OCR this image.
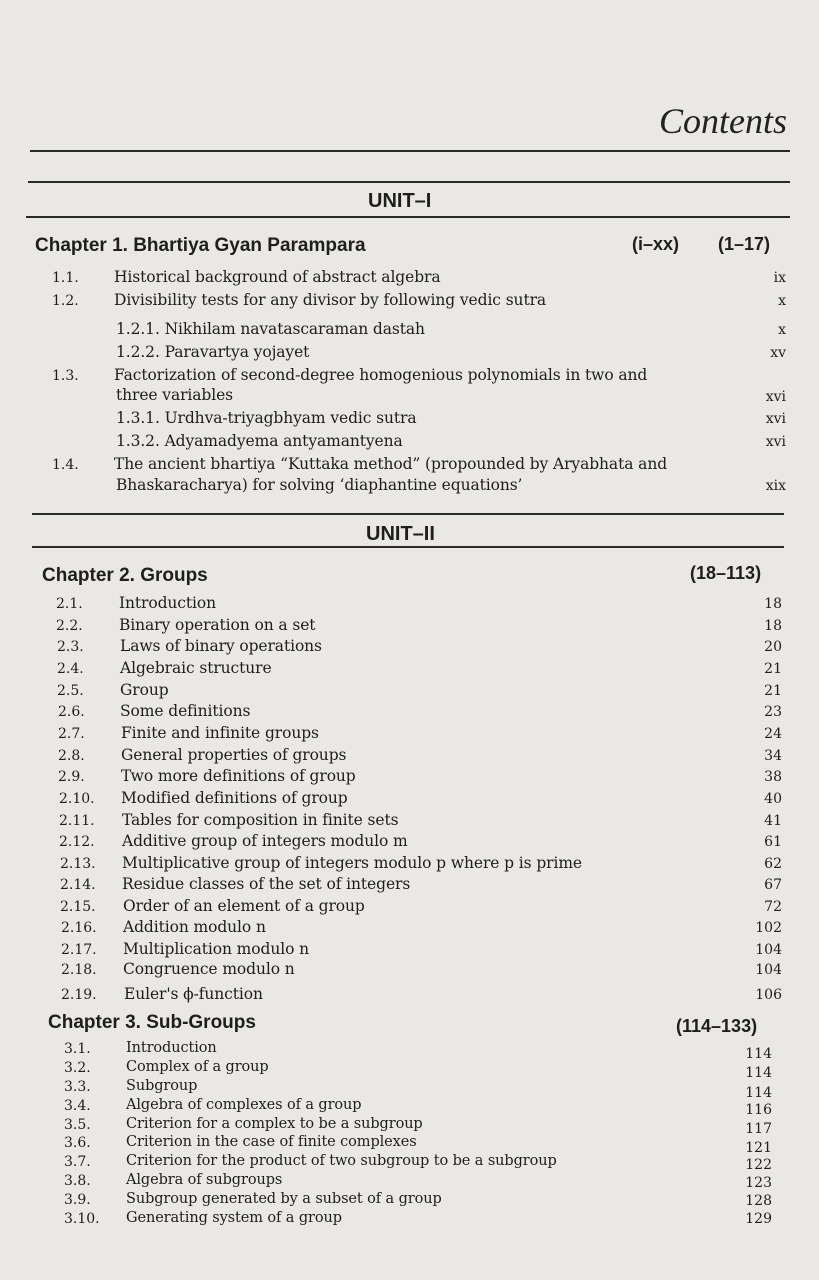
Contents
UNIT–I
Chapter 1. Bhartiya Gyan Parampara	(i–xx) (1–17)
1.1. Historical background of abstract algebra	ix
1.2. Divisibility tests for any divisor by following vedic sutra	x
1.2.1. Nikhilam navatascaraman dastah	x
1.2.2. Paravartya yojayet	xv
1.3. Factorization of second-degree homogenious polynomials in two and
three variables	xvi
1.3.1. Urdhva-triyagbhyam vedic sutra	xvi
1.3.2. Adyamadyema antyamantyena	xvi
1.4. The ancient bhartiya “Kuttaka method” (propounded by Aryabhata and
Bhaskaracharya) for solving ‘diaphantine equations’	xix
UNIT–II
Chapter 2. Groups	(18–113)
2.1. Introduction	18
2.2. Binary operation on a set	18
2.3. Laws of binary operations	20
2.4. Algebraic structure	21
2.5. Group	21
2.6. Some definitions	23
2.7. Finite and infinite groups	24
2.8. General properties of groups	34
2.9. Two more definitions of group	38
2.10. Modified definitions of group	40
2.11. Tables for composition in finite sets	41
2.12. Additive group of integers modulo m	61
2.13. Multiplicative group of integers modulo p where p is prime	62
2.14. Residue classes of the set of integers	67
2.15. Order of an element of a group	72
2.16. Addition modulo n	102
2.17. Multiplication modulo n	104
2.18. Congruence modulo n	104
2.19. Euler's ϕ-function	106
Chapter 3. Sub-Groups	(114–133)
3.1. Introduction	114
3.2. Complex of a group	114
3.3. Subgroup	114
3.4. Algebra of complexes of a group	116
3.5. Criterion for a complex to be a subgroup	117
3.6. Criterion in the case of finite complexes	121
3.7. Criterion for the product of two subgroup to be a subgroup	122
3.8. Algebra of subgroups	123
3.9. Subgroup generated by a subset of a group	128
3.10. Generating system of a group	129
